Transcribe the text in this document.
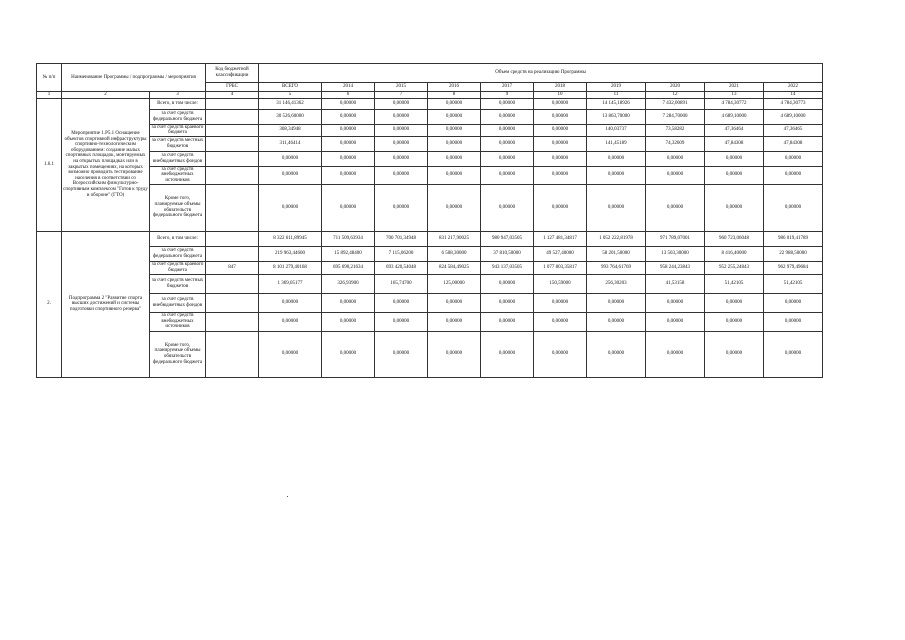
№ п/п	Наименование Программы / подпрограммы / мероприятия		Код бюджетной классификации	Объем средств на реализацию Программы									
			ГРБС	ВСЕГО	2014	2015	2016	2017	2018	2019	2020	2021	2022
1	2	3	4	5	6	7	8	9	10	11	12	13	14
1.6.1	Мероприятие 1.Р5.1 Оснащение объектов спортивной инфраструктуры спортивно-технологическим оборудованием: создание малых спортивных площадок, монтируемых на открытых площадках или в закрытых помещениях, на которых возможно проводить тестирование населения в соответствии со Всероссийским физкультурно-спортивным комплексом "Готов к труду и обороне" (ГТО)	Всего, в том числе:		31 146,41362	0,00000	0,00000	0,00000	0,00000	0,00000	14 145,18926	7 432,00891	4 784,30772	4 784,30773
		за счет средств федерального бюджета		30 526,60000	0,00000	0,00000	0,00000	0,00000	0,00000	13 863,70000	7 284,70000	4 689,10000	4 689,10000
		за счет средств краевого бюджета		308,34948	0,00000	0,00000	0,00000	0,00000	0,00000	140,03737	73,58282	47,36464	47,36465
		за счет средств местных бюджетов		311,46414	0,00000	0,00000	0,00000	0,00000	0,00000	141,45189	74,32609	47,84308	47,84308
		за счет средств внебюджетных фондов		0,00000	0,00000	0,00000	0,00000	0,00000	0,00000	0,00000	0,00000	0,00000	0,00000
		за счет средств внебюджетных источников		0,00000	0,00000	0,00000	0,00000	0,00000	0,00000	0,00000	0,00000	0,00000	0,00000
		Кроме того, планируемые объемы обязательств федерального бюджета		0,00000	0,00000	0,00000	0,00000	0,00000	0,00000	0,00000	0,00000	0,00000	0,00000
2.	Подпрограмма 2 "Развитие спорта высших достижений и системы подготовки спортивного резерва"	Всего, в том числе:		8 322 611,89945	711 509,63934	700 701,34948	831 217,90025	980 947,03505	1 127 481,34817	1 052 222,81978	971 789,07001	960 723,06048	986 019,41789
		за счет средств федерального бюджета		219 963,44600	15 892,48400	7 115,06200	6 508,30000	37 810,50000	49 527,40000	58 201,50000	13 503,30000	8 416,40000	22 988,50000
		за счет средств краевого бюджета	847	8 101 279,40168	695 690,21634	693 420,54048	824 584,49025	943 137,03505	1 077 803,35817	993 764,61769	958 244,23843	952 255,24843	962 979,49684
		за счет средств местных бюджетов		1 369,05177	326,93900	165,74700	125,00000	0,00000	150,59000	256,30203	41,53158	51,42105	51,42105
		за счет средств внебюджетных фондов		0,00000	0,00000	0,00000	0,00000	0,00000	0,00000	0,00000	0,00000	0,00000	0,00000
		за счет средств внебюджетных источников		0,00000	0,00000	0,00000	0,00000	0,00000	0,00000	0,00000	0,00000	0,00000	0,00000
		Кроме того, планируемые объемы обязательств федерального бюджета		0,00000	0,00000	0,00000	0,00000	0,00000	0,00000	0,00000	0,00000	0,00000	0,00000
